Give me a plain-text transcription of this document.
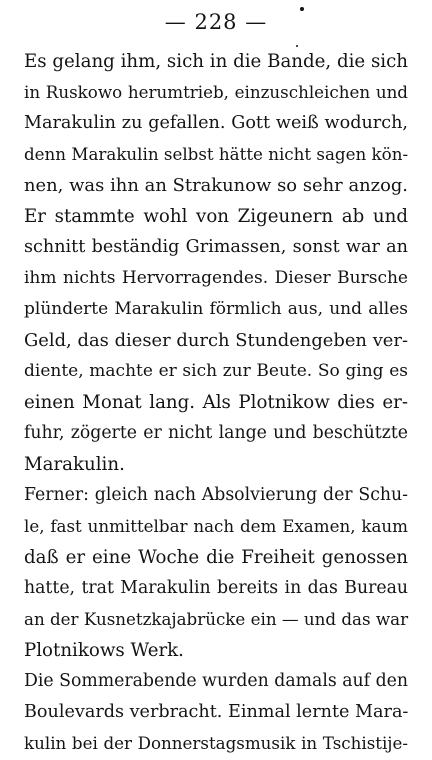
— 228 —
Es gelang ihm, sich in die Bande, die sich
in Ruskowo herumtrieb, einzuschleichen und
Marakulin zu gefallen. Gott weiß wodurch,
denn Marakulin selbst hätte nicht sagen kön-
nen, was ihn an Strakunow so sehr anzog.
Er stammte wohl von Zigeunern ab und
schnitt beständig Grimassen, sonst war an
ihm nichts Hervorragendes. Dieser Bursche
plünderte Marakulin förmlich aus, und alles
Geld, das dieser durch Stundengeben ver-
diente, machte er sich zur Beute. So ging es
einen Monat lang. Als Plotnikow dies er-
fuhr, zögerte er nicht lange und beschützte
Marakulin.
Ferner: gleich nach Absolvierung der Schu-
le, fast unmittelbar nach dem Examen, kaum
daß er eine Woche die Freiheit genossen
hatte, trat Marakulin bereits in das Bureau
an der Kusnetzkajabrücke ein — und das war
Plotnikows Werk.
Die Sommerabende wurden damals auf den
Boulevards verbracht. Einmal lernte Mara-
kulin bei der Donnerstagsmusik in Tschistije-
